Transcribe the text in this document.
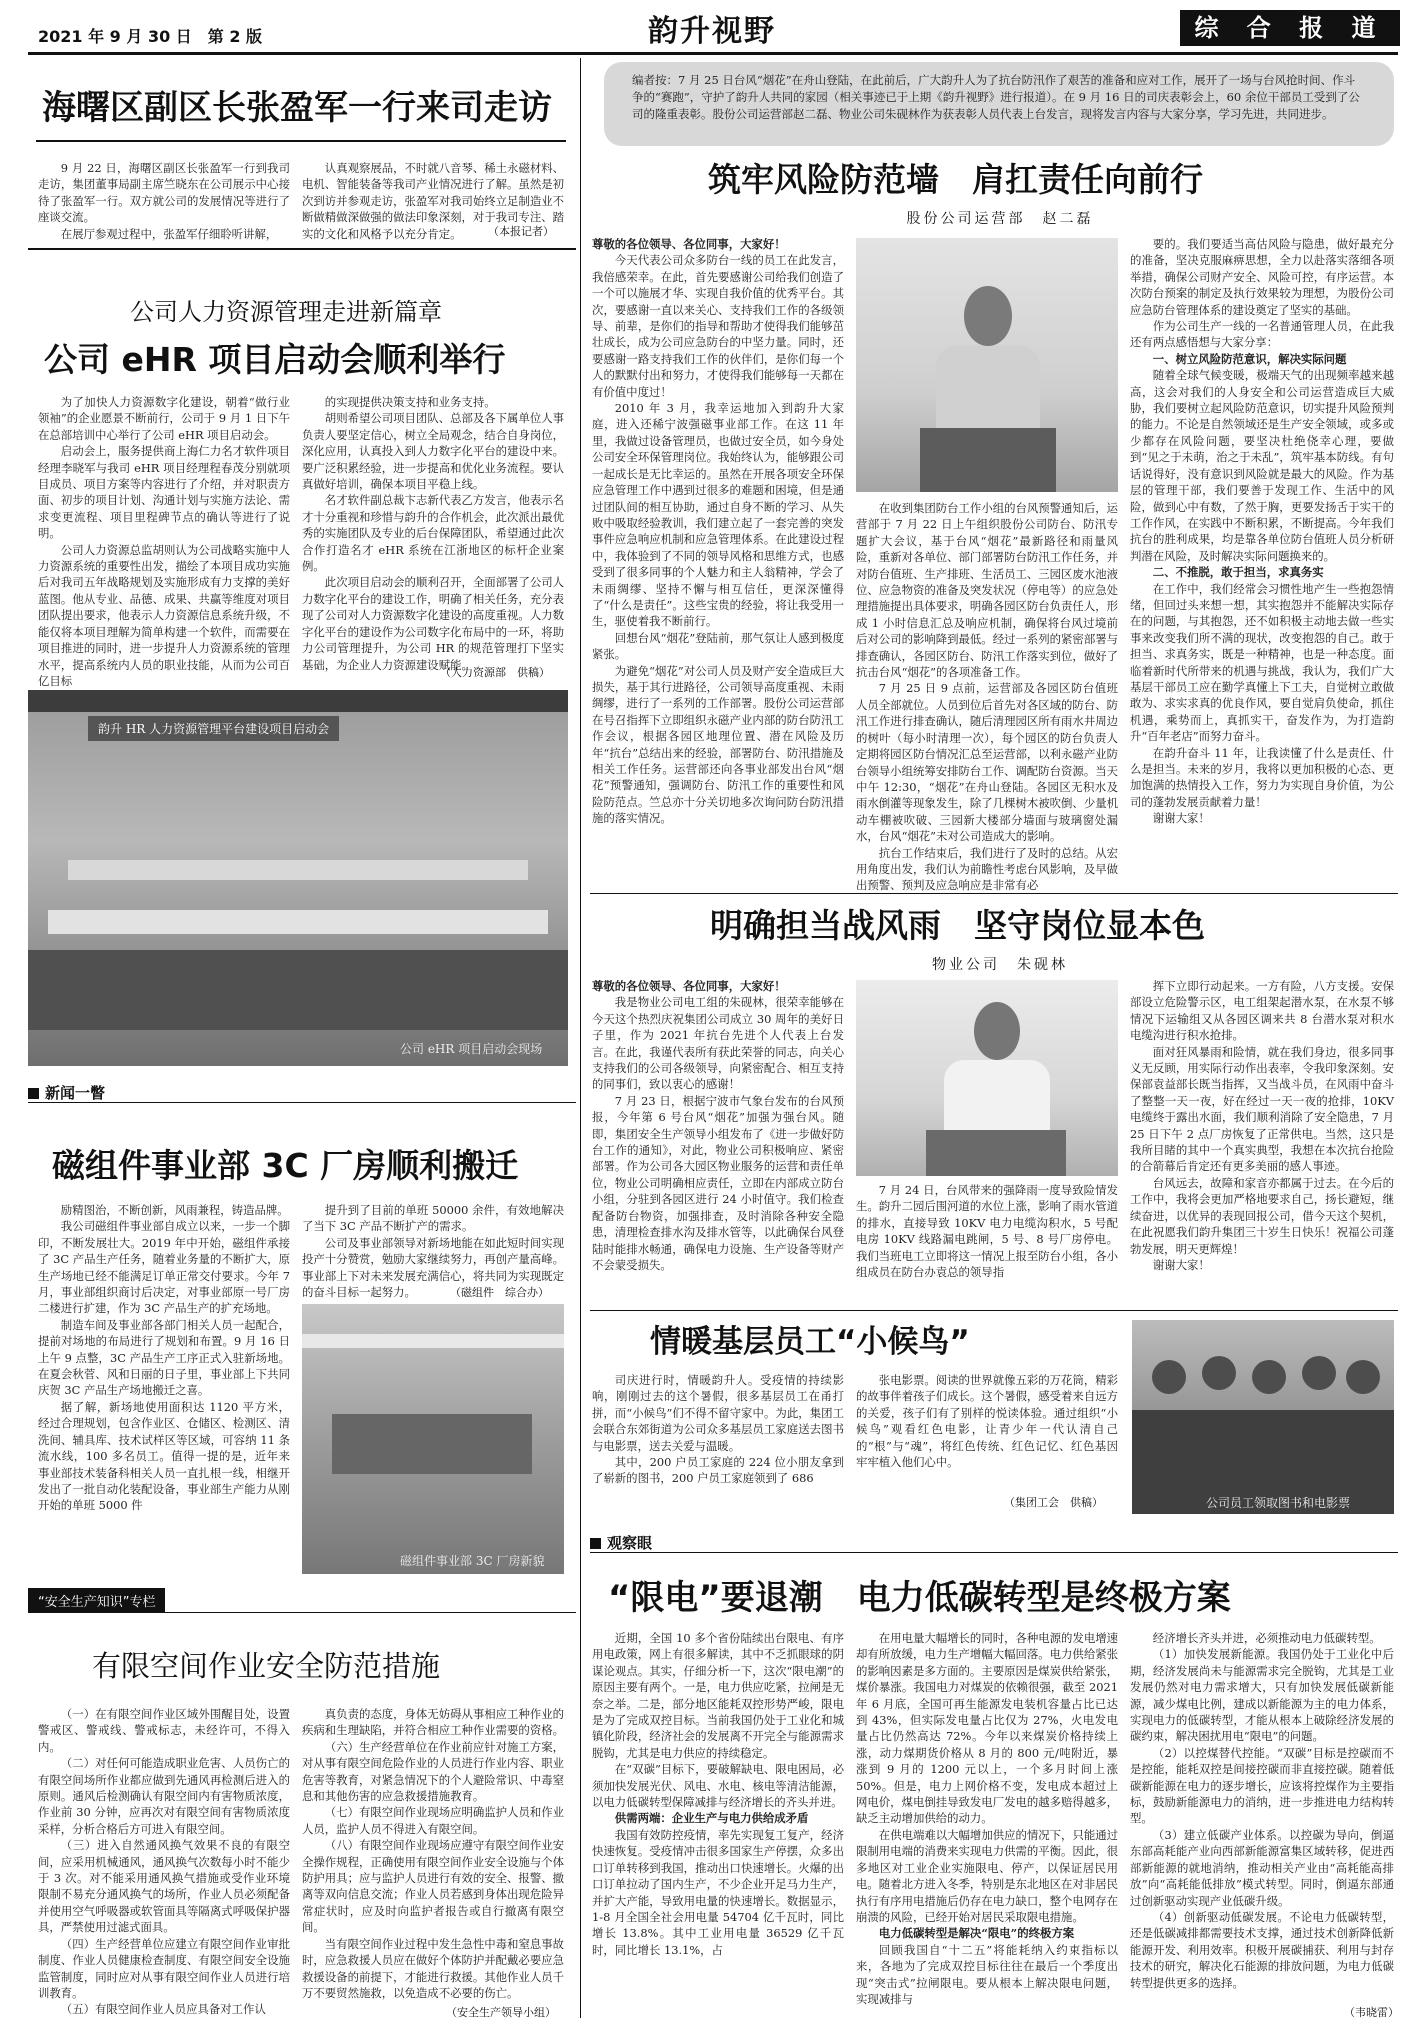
2021 年 9 月 30 日　第 2 版	韵升视野	综 合 报 道
海曙区副区长张盈军一行来司走访

9 月 22 日，海曙区副区长张盈军一行到我司走访，集团董事局副主席竺晓东在公司展示中心接待了张盈军一行。双方就公司的发展情况等进行了座谈交流。

在展厅参观过程中，张盈军仔细聆听讲解，

认真观察展品，不时就八音琴、稀土永磁材料、电机、智能装备等我司产业情况进行了解。虽然是初次到访并参观走访，张盈军对我司始终立足制造业不断做精做深做强的做法印象深刻，对于我司专注、踏实的文化和风格予以充分肯定。	（本报记者）
公司人力资源管理走进新篇章
公司 eHR 项目启动会顺利举行

为了加快人力资源数字化建设，朝着“做行业领袖”的企业愿景不断前行，公司于 9 月 1 日下午在总部培训中心举行了公司 eHR 项目启动会。

启动会上，服务提供商上海仁力名才软件项目经理李晓军与我司 eHR 项目经理程春茂分别就项目成员、项目方案等内容进行了介绍，并对职责方面、初步的项目计划、沟通计划与实施方法论、需求变更流程、项目里程碑节点的确认等进行了说明。

公司人力资源总监胡则认为公司战略实施中人力资源系统的重要性出发，描绘了本项目成功实施后对我司五年战略规划及实施形成有力支撑的美好蓝图。他从专业、品德、成果、共赢等维度对项目团队提出要求，他表示人力资源信息系统升级，不能仅将本项目理解为简单构建一个软件，而需要在项目推进的同时，进一步提升人力资源系统的管理水平，提高系统内人员的职业技能，从而为公司百亿目标

的实现提供决策支持和业务支持。

胡则希望公司项目团队、总部及各下属单位人事负责人要坚定信心，树立全局观念，结合自身岗位，深化应用，认真投入到人力数字化平台的建设中来。要广泛积累经验，进一步提高和优化业务流程。要认真做好培训，确保本项目平稳上线。

名才软件副总裁卞志新代表乙方发言，他表示名才十分重视和珍惜与韵升的合作机会，此次派出最优秀的实施团队及专业的后台保障团队，希望通过此次合作打造名才 eHR 系统在江浙地区的标杆企业案例。

此次项目启动会的顺利召开，全面部署了公司人力数字化平台的建设工作，明确了相关任务，充分表现了公司对人力资源数字化建设的高度重视。人力数字化平台的建设作为公司数字化布局中的一环，将助力公司管理提升，为公司 HR 的规范管理打下坚实基础，为企业人力资源建设赋能。

（人力资源部　供稿）
韵升 HR 人力资源管理平台建设项目启动会
公司 eHR 项目启动会现场
新闻一瞥
磁组件事业部 3C 厂房顺利搬迁

励精图治，不断创新，风雨兼程，铸造品牌。

我公司磁组件事业部自成立以来，一步一个脚印，不断发展壮大。2019 年中开始，磁组件承接了 3C 产品生产任务，随着业务量的不断扩大，原生产场地已经不能满足订单正常交付要求。今年 7 月，事业部组织商讨后决定，对事业部原一号厂房二楼进行扩建，作为 3C 产品生产的扩充场地。

制造车间及事业部各部门相关人员一起配合，提前对场地的布局进行了规划和布置。9 月 16 日上午 9 点整，3C 产品生产工序正式入驻新场地。在夏会秋菅、风和日丽的日子里，事业部上下共同庆贺 3C 产品生产场地搬迁之喜。

据了解，新场地使用面积达 1120 平方米，经过合理规划，包含作业区、仓储区、检测区、清洗间、辅具库、技术试样区等区域，可容纳 11 条流水线，100 多名员工。值得一提的是，近年来事业部技术装备科相关人员一直扎根一线，相继开发出了一批自动化装配设备，事业部生产能力从刚开始的单班 5000 件

提升到了目前的单班 50000 余件，有效地解决了当下 3C 产品不断扩产的需求。

公司及事业部领导对新场地能在如此短时间实现投产十分赞赏，勉励大家继续努力，再创产量高峰。事业部上下对未来发展充满信心，将共同为实现既定的奋斗目标一起努力。	（磁组件　综合办）
磁组件事业部 3C 厂房新貌
“安全生产知识”专栏
有限空间作业安全防范措施

（一）在有限空间作业区域外围醒目处，设置警戒区、警戒线、警戒标志，未经许可，不得入内。

（二）对任何可能造成职业危害、人员伤亡的有限空间场所作业都应做到先通风再检测后进入的原则。通风后检测确认有限空间内有害物质浓度，作业前 30 分钟，应再次对有限空间有害物质浓度采样，分析合格后方可进入有限空间。

（三）进入自然通风换气效果不良的有限空间，应采用机械通风，通风换气次数每小时不能少于 3 次。对不能采用通风换气措施或受作业环境限制不易充分通风换气的场所，作业人员必须配备并使用空气呼吸器或软管面具等隔离式呼吸保护器具，严禁使用过滤式面具。

（四）生产经营单位应建立有限空间作业审批制度、作业人员健康检查制度、有限空间安全设施监管制度，同时应对从事有限空间作业人员进行培训教育。

（五）有限空间作业人员应具备对工作认

真负责的态度，身体无妨碍从事相应工种作业的疾病和生理缺陷，并符合相应工种作业需要的资格。

（六）生产经营单位在作业前应针对施工方案，对从事有限空间危险作业的人员进行作业内容、职业危害等教育，对紧急情况下的个人避险常识、中毒窒息和其他伤害的应急救援措施教育。

（七）有限空间作业现场应明确监护人员和作业人员，监护人员不得进入有限空间。

（八）有限空间作业现场应遵守有限空间作业安全操作规程，正确使用有限空间作业安全设施与个体防护用具；应与监护人员进行有效的安全、报警、撤离等双向信息交流；作业人员若感到身体出现危险异常症状时，应及时向监护者报告或自行撤离有限空间。

当有限空间作业过程中发生急性中毒和窒息事故时，应急救援人员应在做好个体防护并配戴必要应急救援设备的前提下，才能进行救援。其他作业人员千万不要贸然施救，以免造成不必要的伤亡。

（安全生产领导小组）
编者按：7 月 25 日台风“烟花”在舟山登陆，在此前后，广大韵升人为了抗台防汛作了艰苦的准备和应对工作，展开了一场与台风抢时间、作斗争的“赛跑”，守护了韵升人共同的家园（相关事迹已于上期《韵升视野》进行报道）。在 9 月 16 日的司庆表彰会上，60 余位干部员工受到了公司的隆重表彰。股份公司运营部赵二磊、物业公司朱砚林作为获表彰人员代表上台发言，现将发言内容与大家分享，学习先进，共同进步。
筑牢风险防范墙　肩扛责任向前行
股份公司运营部　赵二磊

尊敬的各位领导、各位同事，大家好！

今天代表公司众多防台一线的员工在此发言，我倍感荣幸。在此，首先要感谢公司给我们创造了一个可以施展才华、实现自我价值的优秀平台。其次，要感谢一直以来关心、支持我们工作的各级领导、前辈，是你们的指导和帮助才使得我们能够茁壮成长，成为公司应急防台的中坚力量。同时，还要感谢一路支持我们工作的伙伴们，是你们每一个人的默默付出和努力，才使得我们能够每一天都在有价值中度过！

2010 年 3 月，我幸运地加入到韵升大家庭，进入还稀宁波强磁事业部工作。在这 11 年里，我做过设备管理员，也做过安全员，如今身处公司安全环保管理岗位。我始终认为，能够跟公司一起成长是无比幸运的。虽然在开展各项安全环保应急管理工作中遇到过很多的难题和困境，但是通过团队间的相互协助，通过自身不断的学习、从失败中吸取经验教训，我们建立起了一套完善的突发事件应急响应机制和应急管理体系。在此建设过程中，我体验到了不同的领导风格和思维方式，也感受到了很多同事的个人魅力和主人翁精神，学会了未雨绸缪、坚持不懈与相互信任，更深深懂得了“什么是责任”。这些宝贵的经验，将让我受用一生，驱使着我不断前行。

回想台风“烟花”登陆前，那气氛让人感到极度紧张。

为避免“烟花”对公司人员及财产安全造成巨大损失，基于其行进路径，公司领导高度重视、未雨绸缪，进行了一系列的工作部署。股份公司运营部在号召指挥下立即组织永磁产业内部的防台防汛工作会议，根据各园区地理位置、潜在风险及历年“抗台”总结出来的经验，部署防台、防汛措施及相关工作任务。运营部还向各事业部发出台风“烟花”预警通知，强调防台、防汛工作的重要性和风险防范点。竺总亦十分关切地多次询问防台防汛措施的落实情况。

在收到集团防台工作小组的台风预警通知后，运营部于 7 月 22 日上午组织股份公司防台、防汛专题扩大会议，基于台风“烟花”最新路径和雨量风险，重新对各单位、部门部署防台防汛工作任务，并对防台值班、生产排班、生活员工、三园区废水池液位、应急物资的准备及突发状况（停电等）的应急处理措施提出具体要求，明确各园区防台负责任人，形成 1 小时信息汇总及响应机制，确保将台风过境前后对公司的影响降到最低。经过一系列的紧密部署与排查确认，各园区防台、防汛工作落实到位，做好了抗击台风“烟花”的各项准备工作。

7 月 25 日 9 点前，运营部及各园区防台值班人员全部就位。人员到位后首先对各区域的防台、防汛工作进行排查确认，随后清理园区所有雨水井周边的树叶（每小时清理一次），每个园区的防台负责人定期将园区防台情况汇总至运营部，以利永磁产业防台领导小组统筹安排防台工作、调配防台资源。当天中午 12:30，“烟花”在舟山登陆。各园区无积水及雨水倒灌等现象发生，除了几棵树木被吹倒、少量机动车棚被吹破、三园新大楼部分墙面与玻璃窗处漏水，台风“烟花”未对公司造成大的影响。

抗台工作结束后，我们进行了及时的总结。从宏用角度出发，我们认为前瞻性考虑台风影响，及早做出预警、预判及应急响应是非常有必

要的。我们要适当高估风险与隐患，做好最充分的准备，坚决克服麻痹思想，全力以赴落实落细各项举措，确保公司财产安全、风险可控，有序运营。本次防台预案的制定及执行效果较为理想，为股份公司应急防台管理体系的建设奠定了坚实的基础。

作为公司生产一线的一名普通管理人员，在此我还有两点感悟想与大家分享：

一、树立风险防范意识，解决实际问题

随着全球气候变暖，极端天气的出现频率越来越高，这会对我们的人身安全和公司运营造成巨大威胁，我们要树立起风险防范意识，切实提升风险预判的能力。不论是自然领域还是生产安全领域，或多或少都存在风险问题，要坚决杜绝侥幸心理，要做到“见之于未萌，治之于未乱”，筑牢基本防线。有句话说得好，没有意识到风险就是最大的风险。作为基层的管理干部，我们要善于发现工作、生活中的风险，做到心中有数，了然于胸，更要发扬舌于实干的工作作风，在实践中不断积累，不断提高。今年我们抗台的胜利成果，均是靠各单位防台值班人员分析研判潜在风险，及时解决实际问题换来的。

二、不推脱，敢于担当，求真务实

在工作中，我们经常会习惯性地产生一些抱怨情绪，但回过头来想一想，其实抱怨并不能解决实际存在的问题，与其抱怨，还不如积极主动地去做一些实事来改变我们所不满的现状，改变抱怨的自己。敢于担当、求真务实，既是一种精神，也是一种态度。面临着新时代所带来的机遇与挑战，我认为，我们广大基层干部员工应在勤学真懂上下工夫，自觉树立敢做敢为、求实求真的优良作风，要自觉肩负使命，抓住机遇，乘势而上，真抓实干，奋发作为，为打造韵升“百年老店”而努力奋斗。

在韵升奋斗 11 年，让我读懂了什么是责任、什么是担当。未来的岁月，我将以更加积极的心态、更加饱满的热情投入工作，努力为实现自身价值，为公司的蓬勃发展贡献着力量！

谢谢大家！

明确担当战风雨　坚守岗位显本色
物业公司　朱砚林

尊敬的各位领导、各位同事，大家好！

我是物业公司电工组的朱砚林，很荣幸能够在今天这个热烈庆祝集团公司成立 30 周年的美好日子里，作为 2021 年抗台先进个人代表上台发言。在此，我谨代表所有获此荣誉的同志，向关心支持我们的公司各级领导，向紧密配合、相互支持的同事们，致以衷心的感谢！

7 月 23 日，根据宁波市气象台发布的台风预报，今年第 6 号台风“烟花”加强为强台风。随即，集团安全生产领导小组发布了《进一步做好防台工作的通知》，对此，物业公司积极响应、紧密部署。作为公司各大园区物业服务的运营和责任单位，物业公司明确相应责任，立即在内部成立防台小组，分驻到各园区进行 24 小时值守。我们检查配备防台物资，加强排查，及时消除各种安全隐患，清理检查排水沟及排水管等，以此确保台风登陆时能排水畅通，确保电力设施、生产设备等财产不会蒙受损失。

7 月 24 日，台风带来的强降雨一度导致险情发生。韵升二园后围河道的水位上涨，影响了雨水管道的排水，直接导致 10KV 电力电缆沟积水，5 号配电房 10KV 线路漏电跳闸，5 号、8 号厂房停电。我们当班电工立即将这一情况上报至防台小组，各小组成员在防台办袁总的领导指

挥下立即行动起来。一方有险，八方支援。安保部设立危险警示区，电工组架起潜水泵，在水泵不够情况下运输组又从各园区调来共 8 台潜水泵对积水电缆沟进行积水抢排。

面对狂风暴雨和险情，就在我们身边，很多同事义无反顾，用实际行动作出表率，令我印象深刻。安保部袁益部长既当指挥，又当战斗员，在风雨中奋斗了整整一天一夜，好在经过一天一夜的抢排，10KV 电缆终于露出水面，我们顺利消除了安全隐患，7 月 25 日下午 2 点厂房恢复了正常供电。当然，这只是我所目睹的其中一个真实典型，我想在本次抗台抢险的合箭幕后肯定还有更多美丽的感人事迹。

台风远去，故障和家音亦都属于过去。在今后的工作中，我将会更加严格地要求自己，扬长避短，继续奋进，以优异的表现回报公司，借今天这个契机，在此祝愿我们韵升集团三十岁生日快乐！祝福公司蓬勃发展，明天更辉煌！

谢谢大家！

情暖基层员工“小候鸟”

司庆进行时，情暖韵升人。受疫情的持续影响，刚刚过去的这个暑假，很多基层员工在甬打拼，而“小候鸟”们不得不留守家中。为此，集团工会联合东郊街道为公司众多基层员工家庭送去图书与电影票，送去关爱与温暖。

其中，200 户员工家庭的 224 位小朋友拿到了崭新的图书，200 户员工家庭领到了 686

张电影票。阅读的世界就像五彩的万花筒，精彩的故事伴着孩子们成长。这个暑假，感受着来自远方的关爱，孩子们有了别样的悦读体验。通过组织“小候鸟”观看红色电影，让青少年一代认清自己的“根”与“魂”，将红色传统、红色记忆、红色基因牢牢植入他们心中。

（集团工会　供稿）	公司员工领取图书和电影票
观察眼
“限电”要退潮　电力低碳转型是终极方案

近期，全国 10 多个省份陆续出台限电、有序用电政策，网上有很多解读，其中不乏抓眼球的阴谋论观点。其实，仔细分析一下，这次“限电潮”的原因主要有两个。一是，电力供应吃紧，拉闸是无奈之举。二是，部分地区能耗双控形势严峻，限电是为了完成双控目标。当前我国仍处于工业化和城镇化阶段，经济社会的发展离不开完全与能源需求脱钩，尤其是电力供应的持续稳定。

在“双碳”目标下，要破解缺电、限电困局，必须加快发展光伏、风电、水电、核电等清洁能源，以电力低碳转型保障减排与经济增长的齐头并进。

供需两端：企业生产与电力供给成矛盾

我国有效防控疫情，率先实现复工复产，经济快速恢复。受疫情冲击很多国家生产停摆，众多出口订单转移到我国，推动出口快速增长。火爆的出口订单拉动了国内生产，不少企业开足马力生产，并扩大产能，导致用电量的快速增长。数据显示，1-8 月全国全社会用电量 54704 亿千瓦时，同比增长 13.8%。其中工业用电量 36529 亿千瓦时，同比增长 13.1%，占

在用电量大幅增长的同时，各种电源的发电增速却有所放缓，电力生产增幅大幅回落。电力供给紧张的影响因素是多方面的。主要原因是煤炭供给紧张，煤价暴涨。我国电力对煤炭的依赖很强，截至 2021 年 6 月底，全国可再生能源发电装机容量占比已达到 43%，但实际发电量占比仅为 27%，火电发电量占比仍然高达 72%。今年以来煤炭价格持续上涨，动力煤期货价格从 8 月的 800 元/吨附近，暴涨到 9 月的 1200 元以上，一个多月时间上涨 50%。但是，电力上网价格不变，发电成本超过上网电价，煤电倒挂导致发电厂发电的越多赔得越多，缺乏主动增加供给的动力。

在供电端难以大幅增加供应的情况下，只能通过限制用电端的消费来实现电力供需的平衡。因此，很多地区对工业企业实施限电、停产，以保证居民用电。随着北方进入冬季，特别是东北地区在对非居民执行有序用电措施后仍存在电力缺口，整个电网存在崩溃的风险，已经开始对居民采取限电措施。

电力低碳转型是解决“限电”的终极方案

回顾我国自“十二五”将能耗纳入约束指标以来，各地为了完成双控目标往往在最后一个季度出现“突击式”拉闸限电。要从根本上解决限电问题，实现减排与

经济增长齐头并进，必须推动电力低碳转型。

（1）加快发展新能源。我国仍处于工业化中后期，经济发展尚未与能源需求完全脱钩，尤其是工业发展仍然对电力需求增大，只有加快发展低碳新能源，减少煤电比例，建成以新能源为主的电力体系，实现电力的低碳转型，才能从根本上破除经济发展的碳约束，解决困扰用电“限电”的问题。

（2）以控煤替代控能。“双碳”目标是控碳而不是控能，能耗双控是间接控碳而非直接控碳。随着低碳新能源在电力的逐步增长，应该将控煤作为主要指标，鼓励新能源电力的消纳，进一步推进电力结构转型。

（3）建立低碳产业体系。以控碳为导向，倒逼东部高耗能产业向西部新能源富集区域转移，促进西部新能源的就地消纳，推动相关产业由“高耗能高排放”向“高耗能低排放”模式转型。同时，倒逼东部通过创新驱动实现产业低碳升级。

（4）创新驱动低碳发展。不论电力低碳转型，还是低碳减排都需要技术支撑，通过技术创新降低新能源开发、利用效率。积极开展碳捕获、利用与封存技术的研究，解决化石能源的排放问题，为电力低碳转型提供更多的选择。

（韦晓雷）
